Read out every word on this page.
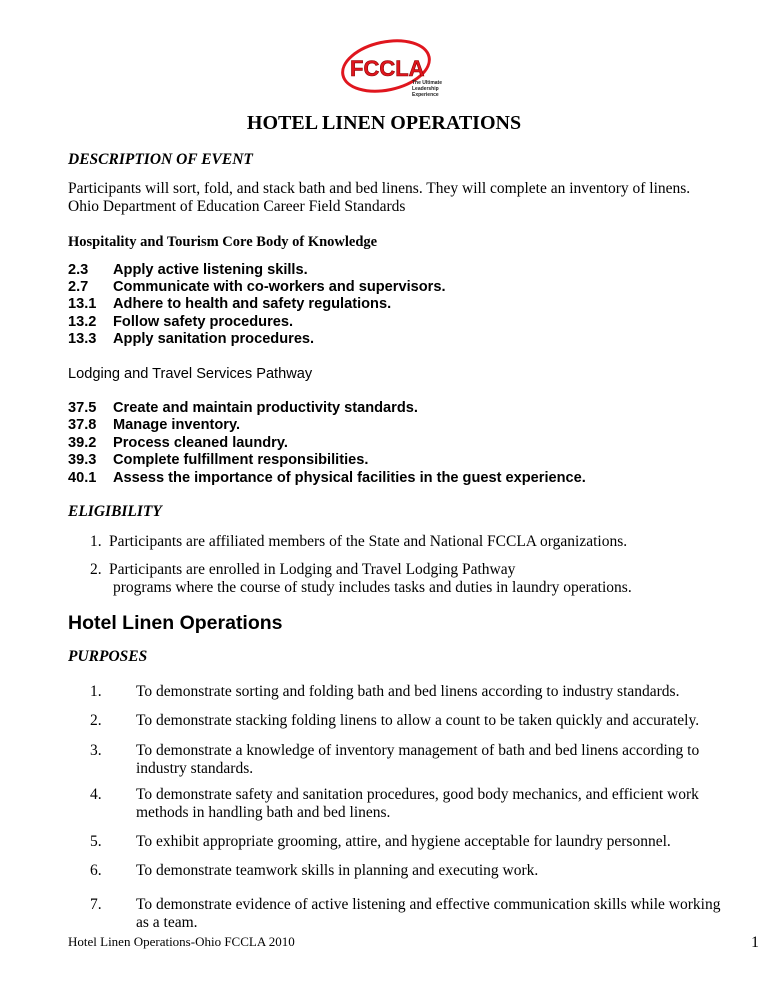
FCCLA
The Ultimate
Leadership
Experience
HOTEL LINEN OPERATIONS
DESCRIPTION OF EVENT
Participants will sort, fold, and stack bath and bed linens. They will complete an inventory of linens.
Ohio Department of Education Career Field Standards
Hospitality and Tourism Core Body of Knowledge
2.3 Apply active listening skills.
2.7 Communicate with co-workers and supervisors.
13.1 Adhere to health and safety regulations.
13.2 Follow safety procedures.
13.3 Apply sanitation procedures.
Lodging and Travel Services Pathway
37.5 Create and maintain productivity standards.
37.8 Manage inventory.
39.2 Process cleaned laundry.
39.3 Complete fulfillment responsibilities.
40.1 Assess the importance of physical facilities in the guest experience.
ELIGIBILITY
1. Participants are affiliated members of the State and National FCCLA organizations.
2. Participants are enrolled in Lodging and Travel Lodging Pathway
programs where the course of study includes tasks and duties in laundry operations.
Hotel Linen Operations
PURPOSES
1. To demonstrate sorting and folding bath and bed linens according to industry standards.
2. To demonstrate stacking folding linens to allow a count to be taken quickly and accurately.
3. To demonstrate a knowledge of inventory management of bath and bed linens according to
industry standards.
4. To demonstrate safety and sanitation procedures, good body mechanics, and efficient work
methods in handling bath and bed linens.
5. To exhibit appropriate grooming, attire, and hygiene acceptable for laundry personnel.
6. To demonstrate teamwork skills in planning and executing work.
7. To demonstrate evidence of active listening and effective communication skills while working
as a team.
Hotel Linen Operations-Ohio FCCLA 2010	1
